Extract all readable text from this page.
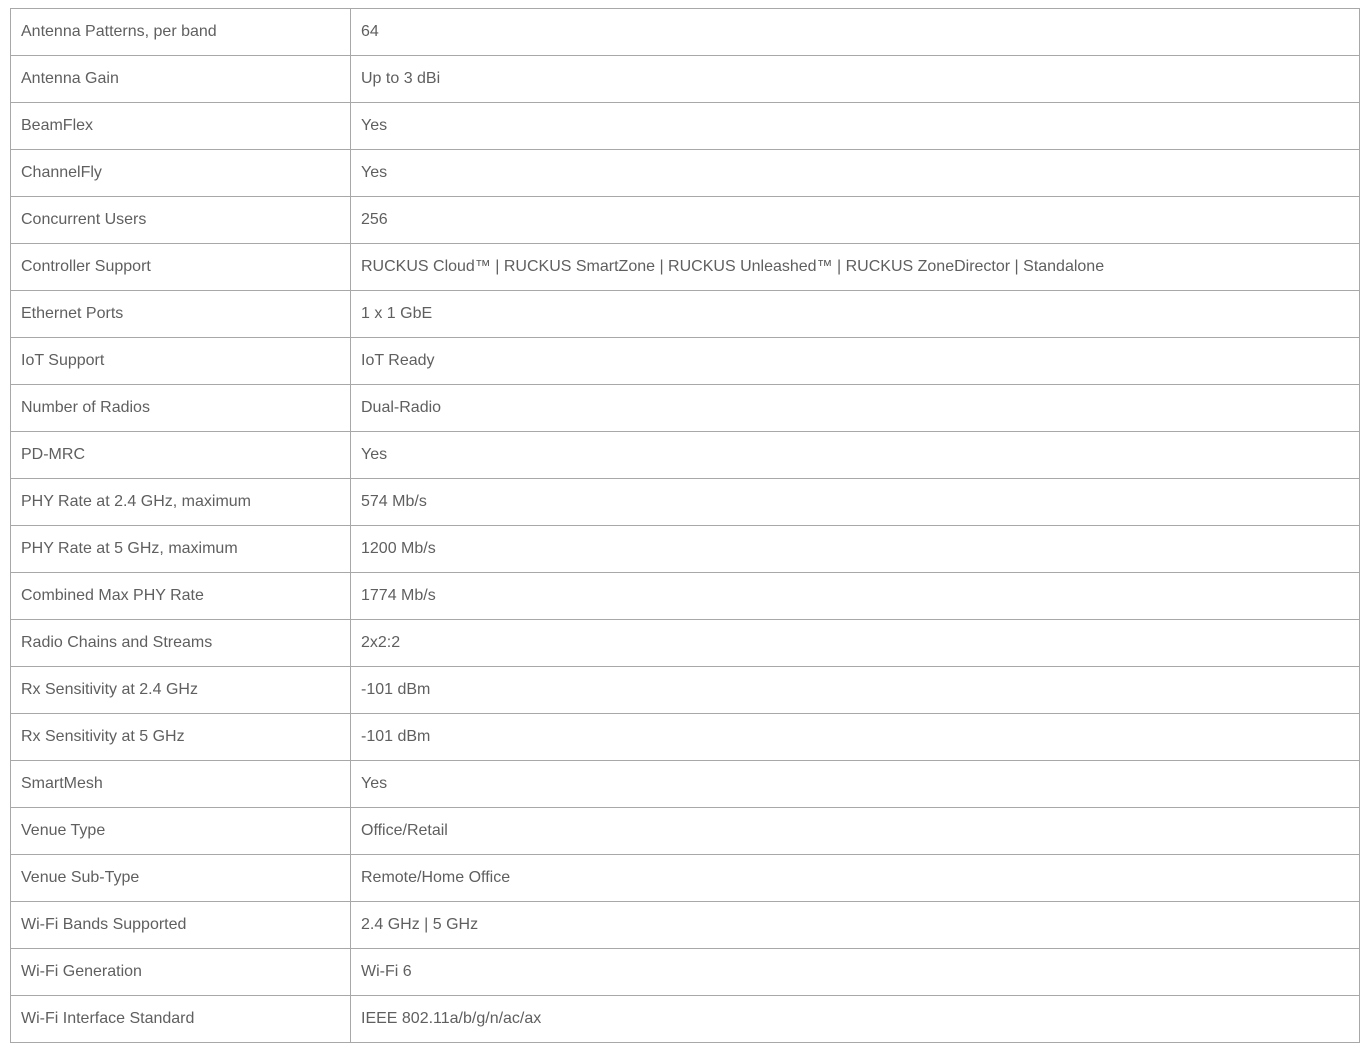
Antenna Patterns, per band	64
Antenna Gain	Up to 3 dBi
BeamFlex	Yes
ChannelFly	Yes
Concurrent Users	256
Controller Support	RUCKUS Cloud™ | RUCKUS SmartZone | RUCKUS Unleashed™ | RUCKUS ZoneDirector | Standalone
Ethernet Ports	1 x 1 GbE
IoT Support	IoT Ready
Number of Radios	Dual-Radio
PD-MRC	Yes
PHY Rate at 2.4 GHz, maximum	574 Mb/s
PHY Rate at 5 GHz, maximum	1200 Mb/s
Combined Max PHY Rate	1774 Mb/s
Radio Chains and Streams	2x2:2
Rx Sensitivity at 2.4 GHz	-101 dBm
Rx Sensitivity at 5 GHz	-101 dBm
SmartMesh	Yes
Venue Type	Office/Retail
Venue Sub-Type	Remote/Home Office
Wi-Fi Bands Supported	2.4 GHz | 5 GHz
Wi-Fi Generation	Wi-Fi 6
Wi-Fi Interface Standard	IEEE 802.11a/b/g/n/ac/ax
